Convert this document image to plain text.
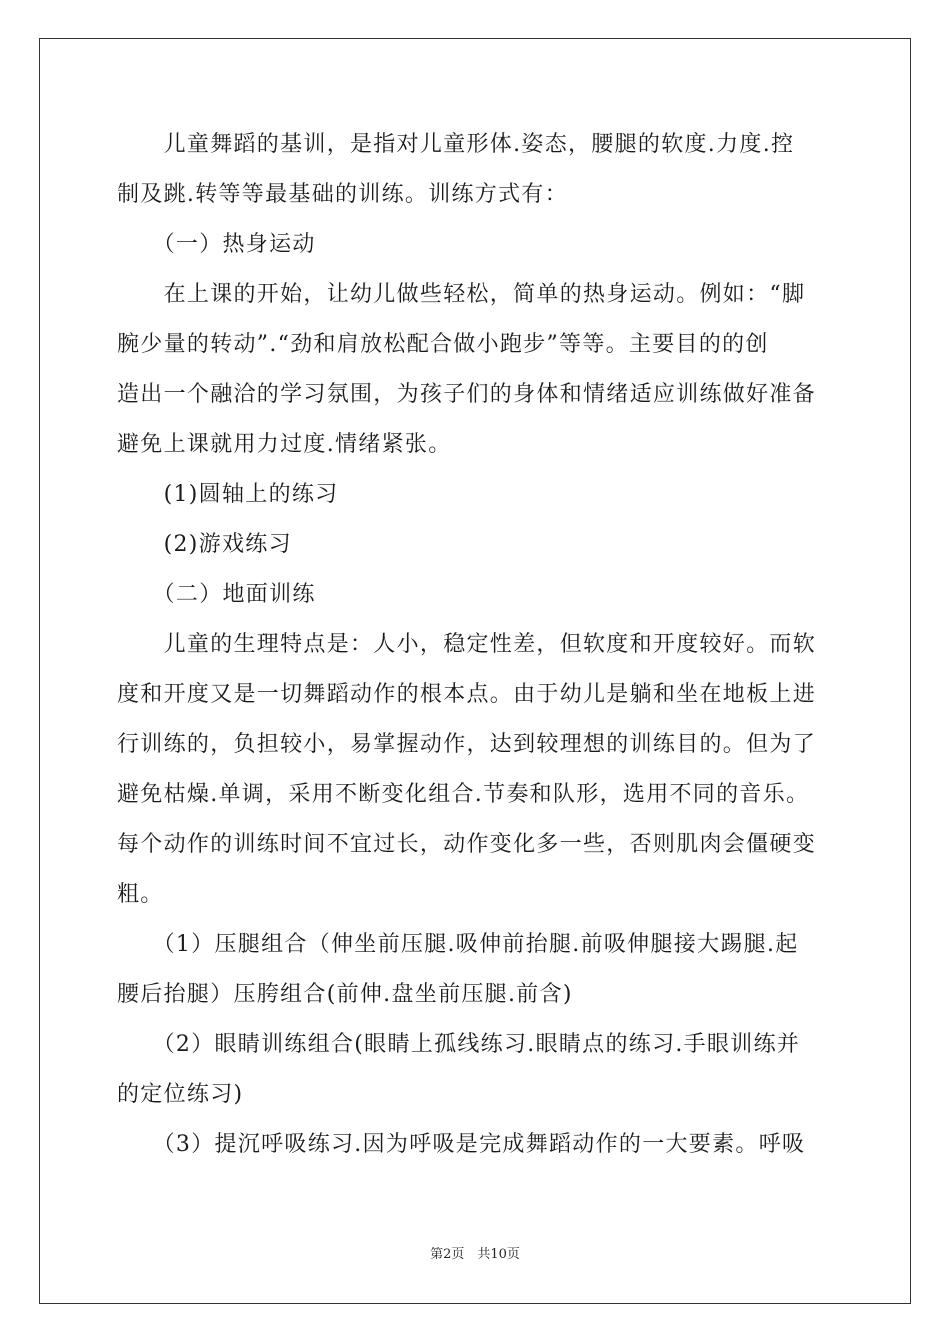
　　儿童舞蹈的基训，是指对儿童形体.姿态，腰腿的软度.力度.控
制及跳.转等等最基础的训练。训练方式有：
　　（一）热身运动
　　在上课的开始，让幼儿做些轻松，简单的热身运动。例如：“脚
腕少量的转动”.“劲和肩放松配合做小跑步”等等。主要目的的创
造出一个融洽的学习氛围，为孩子们的身体和情绪适应训练做好准备
避免上课就用力过度.情绪紧张。
　　(1)圆轴上的练习
　　(2)游戏练习
　　（二）地面训练
　　儿童的生理特点是：人小，稳定性差，但软度和开度较好。而软
度和开度又是一切舞蹈动作的根本点。由于幼儿是躺和坐在地板上进
行训练的，负担较小，易掌握动作，达到较理想的训练目的。但为了
避免枯燥.单调，采用不断变化组合.节奏和队形，选用不同的音乐。
每个动作的训练时间不宜过长，动作变化多一些，否则肌肉会僵硬变
粗。
　　（1）压腿组合（伸坐前压腿.吸伸前抬腿.前吸伸腿接大踢腿.起
腰后抬腿）压胯组合(前伸.盘坐前压腿.前含)
　　（2）眼睛训练组合(眼睛上孤线练习.眼睛点的练习.手眼训练并
的定位练习)
　　（3）提沉呼吸练习.因为呼吸是完成舞蹈动作的一大要素。呼吸
第2页　共10页
